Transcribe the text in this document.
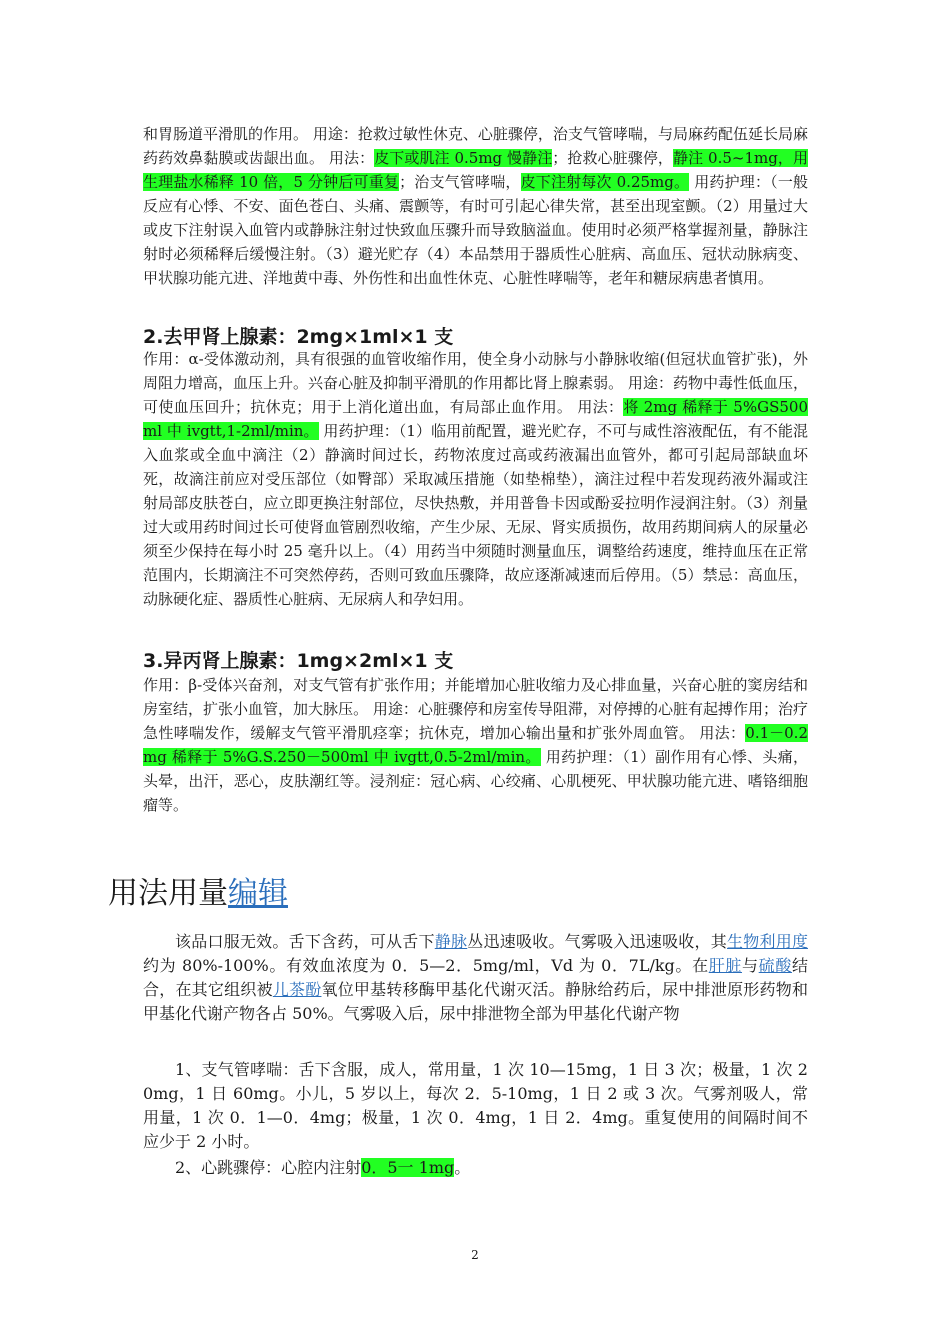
和胃肠道平滑肌的作用。 用途：抢救过敏性休克、心脏骤停，治支气管哮喘，与局麻药配伍延长局麻药药效鼻黏膜或齿龈出血。 用法：皮下或肌注 0.5mg 慢静注；抢救心脏骤停，静注 0.5~1mg，用生理盐水稀释 10 倍，5 分钟后可重复；治支气管哮喘，皮下注射每次 0.25mg。 用药护理：（一般反应有心悸、不安、面色苍白、头痛、震颤等，有时可引起心律失常，甚至出现室颤。（2）用量过大或皮下注射误入血管内或静脉注射过快致血压骤升而导致脑溢血。使用时必须严格掌握剂量，静脉注射时必须稀释后缓慢注射。（3）避光贮存（4）本品禁用于器质性心脏病、高血压、冠状动脉病变、甲状腺功能亢进、洋地黄中毒、外伤性和出血性休克、心脏性哮喘等，老年和糖尿病患者慎用。

2.去甲肾上腺素：2mg×1ml×1 支

作用：α-受体激动剂，具有很强的血管收缩作用，使全身小动脉与小静脉收缩(但冠状血管扩张)，外周阻力增高，血压上升。兴奋心脏及抑制平滑肌的作用都比肾上腺素弱。 用途：药物中毒性低血压，可使血压回升；抗休克；用于上消化道出血，有局部止血作用。 用法：将 2mg 稀释于 5%GS500ml 中 ivgtt,1-2ml/min。 用药护理：（1）临用前配置，避光贮存，不可与咸性溶液配伍，有不能混入血浆或全血中滴注（2）静滴时间过长，药物浓度过高或药液漏出血管外，都可引起局部缺血坏死，故滴注前应对受压部位（如臀部）采取减压措施（如垫棉垫），滴注过程中若发现药液外漏或注射局部皮肤苍白，应立即更换注射部位，尽快热敷，并用普鲁卡因或酚妥拉明作浸润注射。（3）剂量过大或用药时间过长可使肾血管剧烈收缩，产生少尿、无尿、肾实质损伤，故用药期间病人的尿量必须至少保持在每小时 25 毫升以上。（4）用药当中须随时测量血压，调整给药速度，维持血压在正常范围内，长期滴注不可突然停药，否则可致血压骤降，故应逐渐减速而后停用。（5）禁忌：高血压，动脉硬化症、器质性心脏病、无尿病人和孕妇用。

3.异丙肾上腺素：1mg×2ml×1 支

作用：β-受体兴奋剂，对支气管有扩张作用；并能增加心脏收缩力及心排血量，兴奋心脏的窦房结和房室结，扩张小血管，加大脉压。 用途：心脏骤停和房室传导阻滞，对停搏的心脏有起搏作用；治疗急性哮喘发作，缓解支气管平滑肌痉挛；抗休克，增加心输出量和扩张外周血管。 用法：0.1－0.2mg 稀释于 5%G.S.250－500ml 中 ivgtt,0.5-2ml/min。 用药护理：（1）副作用有心悸、头痛，头晕，出汗，恶心，皮肤潮红等。浸剂症：冠心病、心绞痛、心肌梗死、甲状腺功能亢进、嗜铬细胞瘤等。

用法用量编辑

该品口服无效。舌下含药，可从舌下静脉丛迅速吸收。气雾吸入迅速吸收，其生物利用度约为 80%-100%。有效血浓度为 0．5—2．5mg/ml，Vd 为 0．7L/kg。在肝脏与硫酸结合，在其它组织被儿茶酚氧位甲基转移酶甲基化代谢灭活。静脉给药后，尿中排泄原形药物和甲基化代谢产物各占 50%。气雾吸入后，尿中排泄物全部为甲基化代谢产物

1、支气管哮喘：舌下含服，成人，常用量，1 次 10—15mg，1 日 3 次；极量，1 次 20mg，1 日 60mg。小儿，5 岁以上，每次 2．5-10mg，1 日 2 或 3 次。气雾剂吸人，常用量，1 次 0．1—0．4mg；极量，1 次 0．4mg，1 日 2．4mg。重复使用的间隔时间不应少于 2 小时。

2、心跳骤停：心腔内注射0．5一 1mg。

2
